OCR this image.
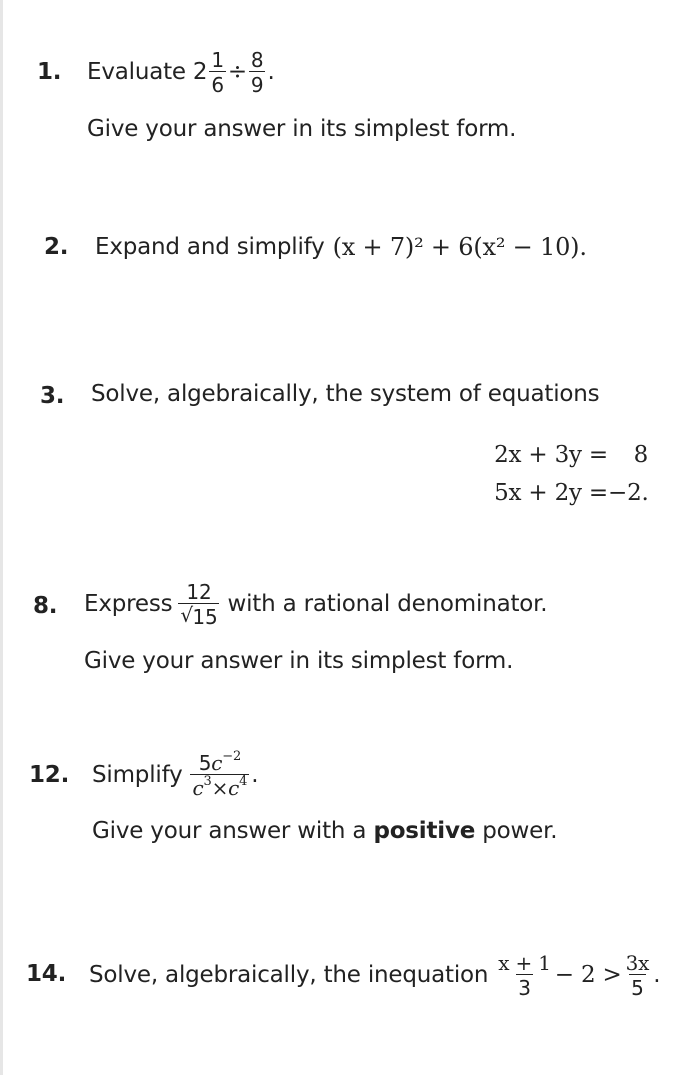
1. Evaluate $2 \frac{1}{6} \div \frac{8}{9}$ .
Give your answer in its simplest form.
2. Expand and simplify (x + 7)² + 6(x² − 10).
3. Solve, algebraically, the system of equations
2x + 3y =	8
5x + 2y = −2.
8. Express $\frac{12}{√ 15}$ with a rational denominator.
Give your answer in its simplest form.
12. Simplify $\frac{5c^{-2}}{c^3\times c^4}$ .
Give your answer with a positive power.
14. Solve, algebraically, the inequation $\frac{x + 1}{3} - 2 > \frac{3x}{5}$ .
